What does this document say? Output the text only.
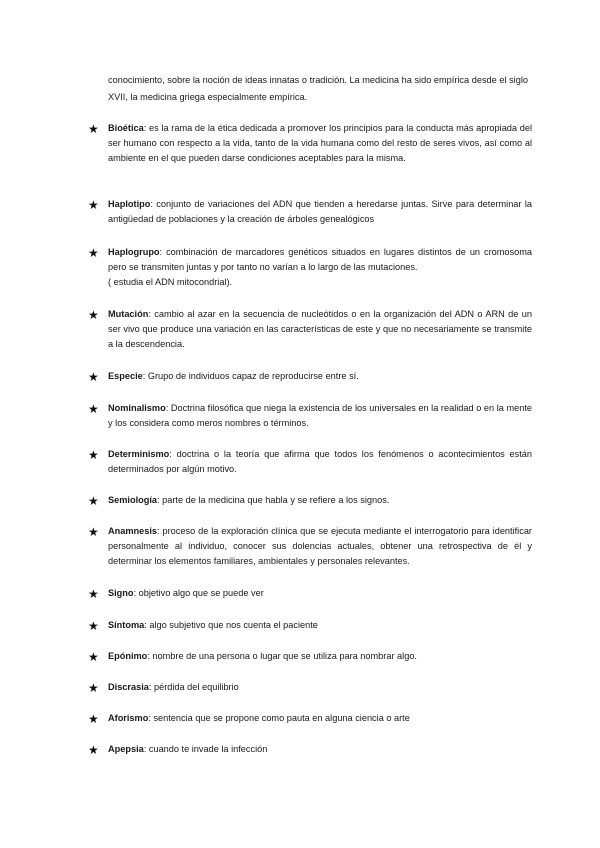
conocimiento, sobre la noción de ideas innatas o tradición. La medicina ha sido empírica desde el siglo XVII, la medicina griega especialmente empírica.

★ Bioética: es la rama de la ética dedicada a promover los principios para la conducta más apropiada del ser humano con respecto a la vida, tanto de la vida humana como del resto de seres vivos, así como al ambiente en el que pueden darse condiciones aceptables para la misma.
★ Haplotipo: conjunto de variaciones del ADN que tienden a heredarse juntas. Sirve para determinar la antigüedad de poblaciones y la creación de árboles genealógicos
★ Haplogrupo: combinación de marcadores genéticos situados en lugares distintos de un cromosoma pero se transmiten juntas y por tanto no varían a lo largo de las mutaciones.
( estudia el ADN mitocondrial).
★ Mutación: cambio al azar en la secuencia de nucleótidos o en la organización del ADN o ARN de un ser vivo que produce una variación en las características de este y que no necesariamente se transmite a la descendencia.
★ Especie: Grupo de individuos capaz de reproducirse entre sí.
★ Nominalismo: Doctrina filosófica que niega la existencia de los universales en la realidad o en la mente y los considera como meros nombres o términos.
★ Determinismo: doctrina o la teoría que afirma que todos los fenómenos o acontecimientos están determinados por algún motivo.
★ Semiología: parte de la medicina que habla y se refiere a los signos.
★ Anamnesis: proceso de la exploración clínica que se ejecuta mediante el interrogatorio para identificar personalmente al individuo, conocer sus dolencias actuales, obtener una retrospectiva de él y determinar los elementos familiares, ambientales y personales relevantes.
★ Signo: objetivo algo que se puede ver
★ Síntoma: algo subjetivo que nos cuenta el paciente
★ Epónimo: nombre de una persona o lugar que se utiliza para nombrar algo.
★ Discrasia: pérdida del equilibrio
★ Aforismo: sentencia que se propone como pauta en alguna ciencia o arte
★ Apepsia: cuando te invade la infección
